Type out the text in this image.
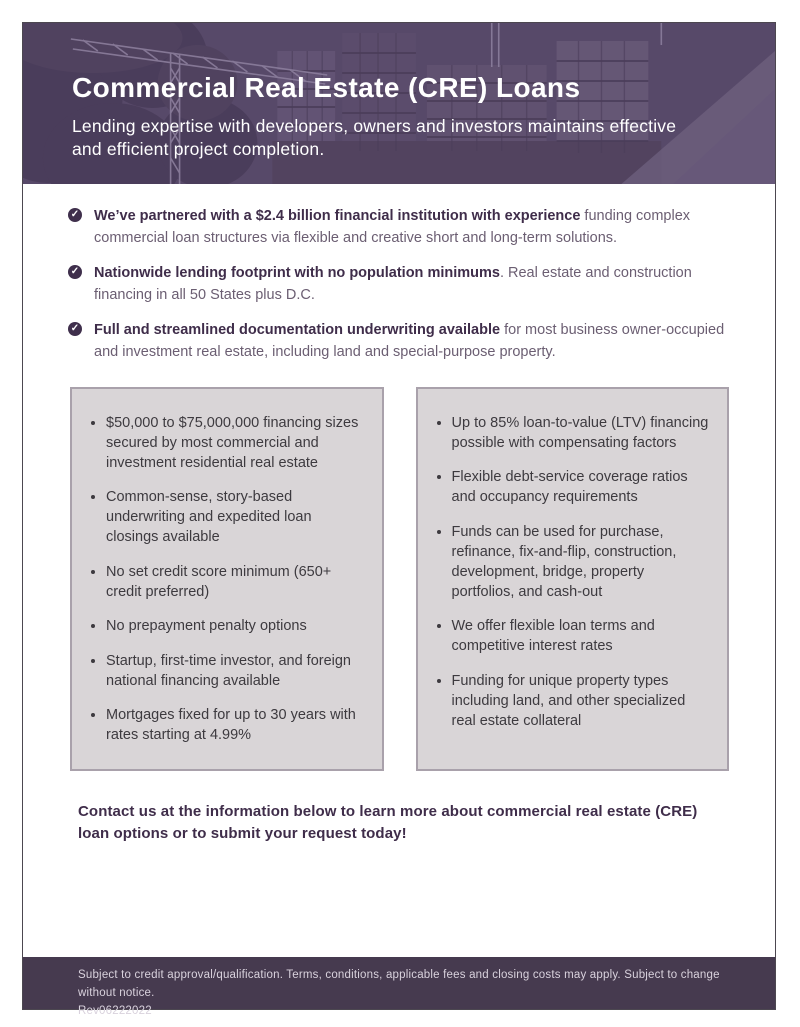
Commercial Real Estate (CRE) Loans
Lending expertise with developers, owners and investors maintains effective and efficient project completion.
✓ We’ve partnered with a $2.4 billion financial institution with experience funding complex commercial loan structures via flexible and creative short and long-term solutions.
✓ Nationwide lending footprint with no population minimums. Real estate and construction financing in all 50 States plus D.C.
✓ Full and streamlined documentation underwriting available for most business owner-occupied and investment real estate, including land and special-purpose property.
• $50,000 to $75,000,000 financing sizes secured by most commercial and investment residential real estate
• Common-sense, story-based underwriting and expedited loan closings available
• No set credit score minimum (650+ credit preferred)
• No prepayment penalty options
• Startup, first-time investor, and foreign national financing available
• Mortgages fixed for up to 30 years with rates starting at 4.99%
• Up to 85% loan-to-value (LTV) financing possible with compensating factors
• Flexible debt-service coverage ratios and occupancy requirements
• Funds can be used for purchase, refinance, fix-and-flip, construction, development, bridge, property portfolios, and cash-out
• We offer flexible loan terms and competitive interest rates
• Funding for unique property types including land, and other specialized real estate collateral
Contact us at the information below to learn more about commercial real estate (CRE) loan options or to submit your request today!
Subject to credit approval/qualification. Terms, conditions, applicable fees and closing costs may apply. Subject to change without notice.
Rev06222022
